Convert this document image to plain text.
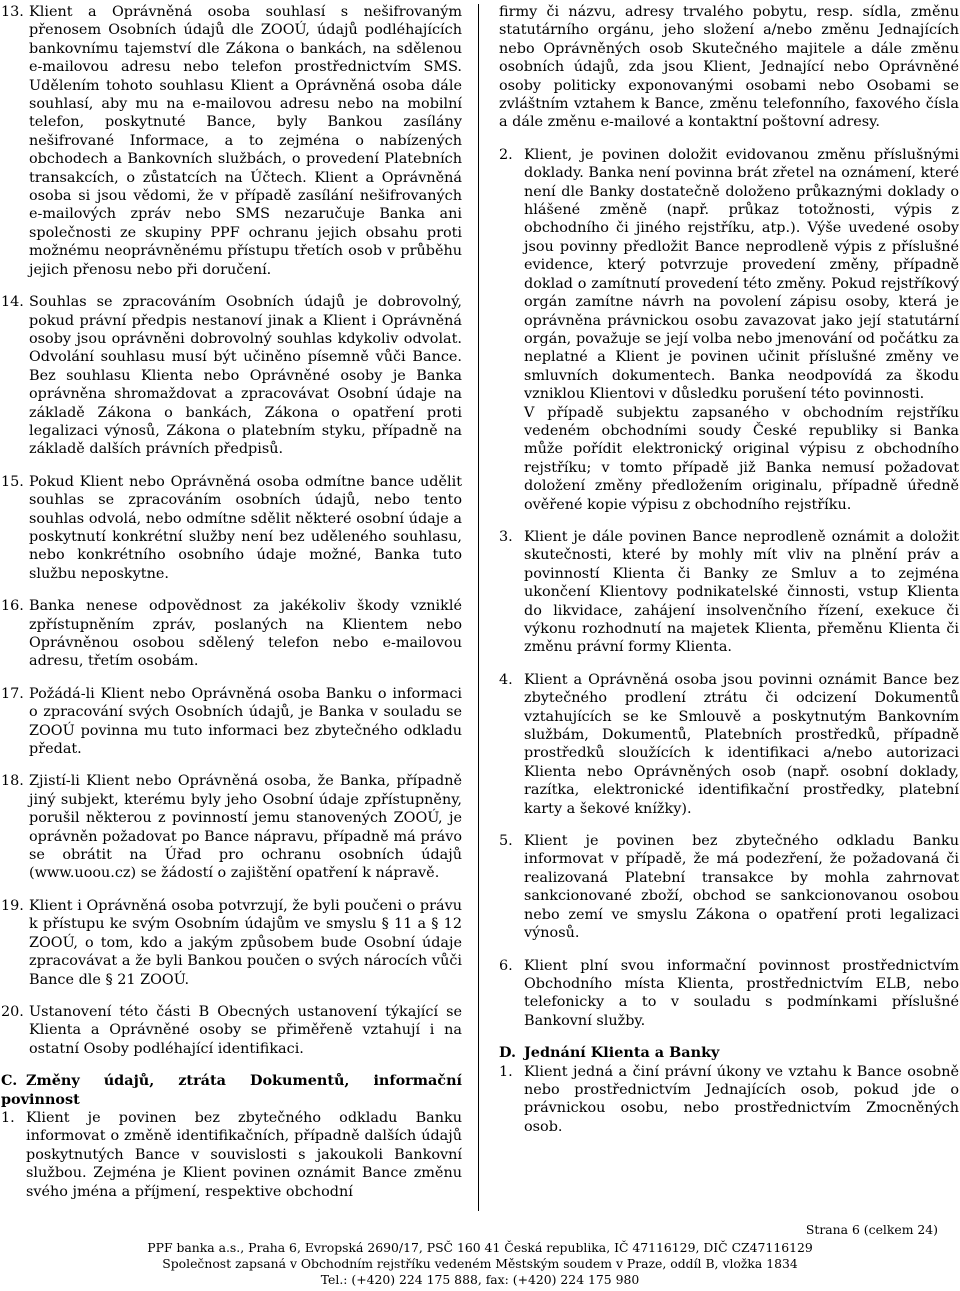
13. Klient a Oprávněná osoba souhlasí s nešifrovaným přenosem Osobních údajů dle ZOOÚ, údajů podléhajících bankovnímu tajemství dle Zákona o bankách, na sdělenou e-mailovou adresu nebo telefon prostřednictvím SMS. Udělením tohoto souhlasu Klient a Oprávněná osoba dále souhlasí, aby mu na e-mailovou adresu nebo na mobilní telefon, poskytnuté Bance, byly Bankou zasílány nešifrované Informace, a to zejména o nabízených obchodech a Bankovních službách, o provedení Platebních transakcích, o zůstatcích na Účtech. Klient a Oprávněná osoba si jsou vědomi, že v případě zasílání nešifrovaných e-mailových zpráv nebo SMS nezaručuje Banka ani společnosti ze skupiny PPF ochranu jejich obsahu proti možnému neoprávněnému přístupu třetích osob v průběhu jejich přenosu nebo při doručení.

14. Souhlas se zpracováním Osobních údajů je dobrovolný, pokud právní předpis nestanoví jinak a Klient i Oprávněná osoby jsou oprávněni dobrovolný souhlas kdykoliv odvolat. Odvolání souhlasu musí být učiněno písemně vůči Bance. Bez souhlasu Klienta nebo Oprávněné osoby je Banka oprávněna shromaždovat a zpracovávat Osobní údaje na základě Zákona o bankách, Zákona o opatření proti legalizaci výnosů, Zákona o platebním styku, případně na základě dalších právních předpisů.

15. Pokud Klient nebo Oprávněná osoba odmítne bance udělit souhlas se zpracováním osobních údajů, nebo tento souhlas odvolá, nebo odmítne sdělit některé osobní údaje a poskytnutí konkrétní služby není bez uděleného souhlasu, nebo konkrétního osobního údaje možné, Banka tuto službu neposkytne.

16. Banka nenese odpovědnost za jakékoliv škody vzniklé zpřístupněním zpráv, poslaných na Klientem nebo Oprávněnou osobou sdělený telefon nebo e-mailovou adresu, třetím osobám.

17. Požádá-li Klient nebo Oprávněná osoba Banku o informaci o zpracování svých Osobních údajů, je Banka v souladu se ZOOÚ povinna mu tuto informaci bez zbytečného odkladu předat.

18. Zjistí-li Klient nebo Oprávněná osoba, že Banka, případně jiný subjekt, kterému byly jeho Osobní údaje zpřístupněny, porušil některou z povinností jemu stanovených ZOOÚ, je oprávněn požadovat po Bance nápravu, případně má právo se obrátit na Úřad pro ochranu osobních údajů (www.uoou.cz) se žádostí o zajištění opatření k nápravě.

19. Klient i Oprávněná osoba potvrzují, že byli poučeni o právu k přístupu ke svým Osobním údajům ve smyslu § 11 a § 12 ZOOÚ, o tom, kdo a jakým způsobem bude Osobní údaje zpracovávat a že byli Bankou poučen o svých nárocích vůči Bance dle § 21 ZOOÚ.

20. Ustanovení této části B Obecných ustanovení týkající se Klienta a Oprávněné osoby se přiměřeně vztahují i na ostatní Osoby podléhající identifikaci.

C. Změny údajů, ztráta Dokumentů, informační povinnost

1. Klient je povinen bez zbytečného odkladu Banku informovat o změně identifikačních, případně dalších údajů poskytnutých Bance v souvislosti s jakoukoli Bankovní službou. Zejména je Klient povinen oznámit Bance změnu svého jména a příjmení, respektive obchodní

firmy či názvu, adresy trvalého pobytu, resp. sídla, změnu statutárního orgánu, jeho složení a/nebo změnu Jednajících nebo Oprávněných osob Skutečného majitele a dále změnu osobních údajů, zda jsou Klient, Jednající nebo Oprávněné osoby politicky exponovanými osobami nebo Osobami se zvláštním vztahem k Bance, změnu telefonního, faxového čísla a dále změnu e-mailové a kontaktní poštovní adresy.

2. Klient, je povinen doložit evidovanou změnu příslušnými doklady. Banka není povinna brát zřetel na oznámení, které není dle Banky dostatečně doloženo průkaznými doklady o hlášené změně (např. průkaz totožnosti, výpis z obchodního či jiného rejstříku, atp.). Výše uvedené osoby jsou povinny předložit Bance neprodleně výpis z příslušné evidence, který potvrzuje provedení změny, případně doklad o zamítnutí provedení této změny. Pokud rejstříkový orgán zamítne návrh na povolení zápisu osoby, která je oprávněna právnickou osobu zavazovat jako její statutární orgán, považuje se její volba nebo jmenování od počátku za neplatné a Klient je povinen učinit příslušné změny ve smluvních dokumentech. Banka neodpovídá za škodu vzniklou Klientovi v důsledku porušení této povinnosti.

V případě subjektu zapsaného v obchodním rejstříku vedeném obchodními soudy České republiky si Banka může pořídit elektronický original výpisu z obchodního rejstříku; v tomto případě již Banka nemusí požadovat doložení změny předložením originalu, případně úředně ověřené kopie výpisu z obchodního rejstříku.

3. Klient je dále povinen Bance neprodleně oznámit a doložit skutečnosti, které by mohly mít vliv na plnění práv a povinností Klienta či Banky ze Smluv a to zejména ukončení Klientovy podnikatelské činnosti, vstup Klienta do likvidace, zahájení insolvenčního řízení, exekuce či výkonu rozhodnutí na majetek Klienta, přeměnu Klienta či změnu právní formy Klienta.

4. Klient a Oprávněná osoba jsou povinni oznámit Bance bez zbytečného prodlení ztrátu či odcizení Dokumentů vztahujících se ke Smlouvě a poskytnutým Bankovním službám, Dokumentů, Platebních prostředků, případně prostředků sloužících k identifikaci a/nebo autorizaci Klienta nebo Oprávněných osob (např. osobní doklady, razítka, elektronické identifikační prostředky, platební karty a šekové knížky).

5. Klient je povinen bez zbytečného odkladu Banku informovat v případě, že má podezření, že požadovaná či realizovaná Platební transakce by mohla zahrnovat sankcionované zboží, obchod se sankcionovanou osobou nebo zemí ve smyslu Zákona o opatření proti legalizaci výnosů.

6. Klient plní svou informační povinnost prostřednictvím Obchodního místa Klienta, prostřednictvím ELB, nebo telefonicky a to v souladu s podmínkami příslušné Bankovní služby.

D. Jednání Klienta a Banky

1. Klient jedná a činí právní úkony ve vztahu k Bance osobně nebo prostřednictvím Jednajících osob, pokud jde o právnickou osobu, nebo prostřednictvím Zmocněných osob.

Strana 6 (celkem 24)
PPF banka a.s., Praha 6, Evropská 2690/17, PSČ 160 41 Česká republika, IČ 47116129, DIČ CZ47116129
Společnost zapsaná v Obchodním rejstříku vedeném Městským soudem v Praze, oddíl B, vložka 1834
Tel.: (+420) 224 175 888, fax: (+420) 224 175 980
